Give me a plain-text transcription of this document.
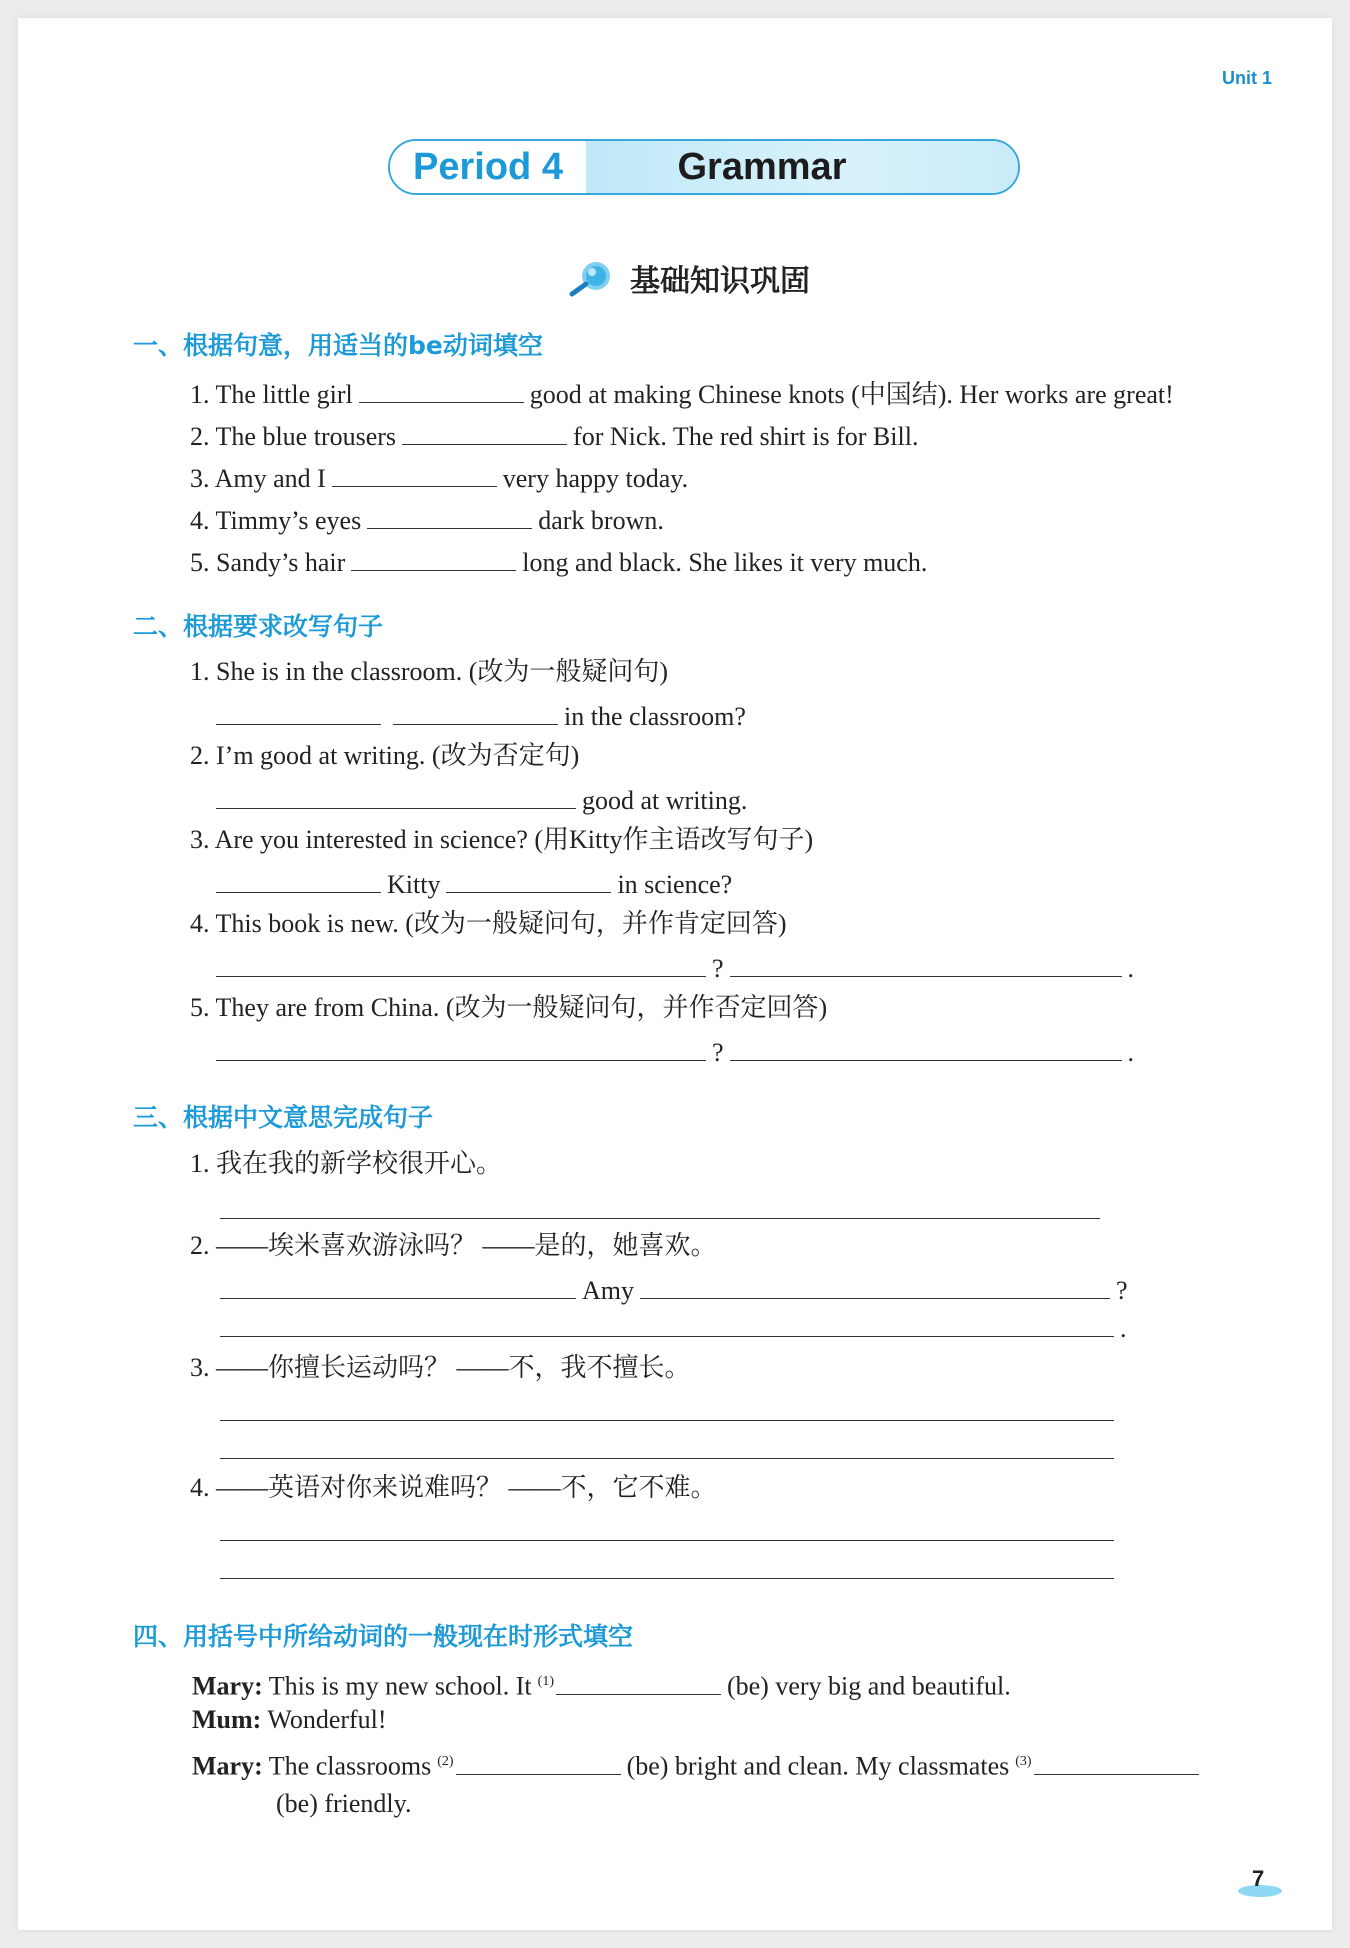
Unit 1
Period 4	Grammar
基础知识巩固
一、根据句意，用适当的be动词填空
1. The little girl	good at making Chinese knots (中国结). Her works are great!
2. The blue trousers	for Nick. The red shirt is for Bill.
3. Amy and I	very happy today.
4. Timmy’s eyes	dark brown.
5. Sandy’s hair	long and black. She likes it very much.
二、根据要求改写句子
1. She is in the classroom. (改为一般疑问句)
in the classroom?
2. I’m good at writing. (改为否定句)
good at writing.
3. Are you interested in science? (用Kitty作主语改写句子)
Kitty	in science?
4. This book is new. (改为一般疑问句，并作肯定回答)
?	.
5. They are from China. (改为一般疑问句，并作否定回答)
?	.
三、根据中文意思完成句子
1. 我在我的新学校很开心。
2. ——埃米喜欢游泳吗？ ——是的，她喜欢。
Amy	?
.
3. ——你擅长运动吗？ ——不，我不擅长。
4. ——英语对你来说难吗？ ——不，它不难。
四、用括号中所给动词的一般现在时形式填空
Mary: This is my new school. It $^{(1)}$	(be) very big and beautiful.
Mum: Wonderful!
Mary: The classrooms $^{(2)}$	(be) bright and clean. My classmates $^{(3)}$
(be) friendly.
7
